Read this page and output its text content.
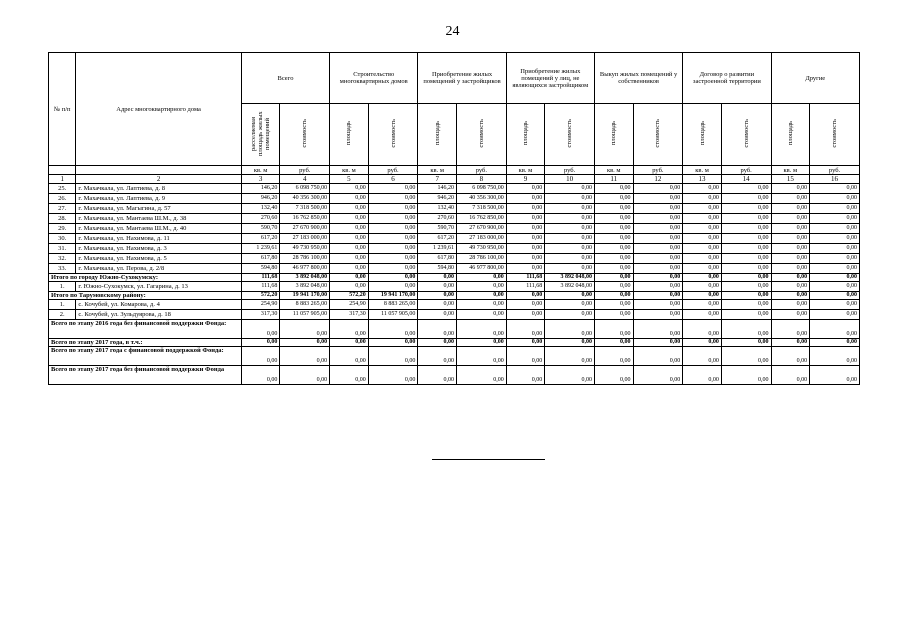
24
№ п/п	Адрес многоквартирного дома	Всего		Строительство многоквартирных домов		Приобретение жилых помещений у застройщиков		Приобретение жилых помещений у лиц, не являющихся застройщиком		Выкуп жилых помещений у собственников		Договор о развитии застроенной территории		Другие	
		расселяемая площадь жилых помещений	стоимость	площадь	стоимость	площадь	стоимость	площадь	стоимость	площадь	стоимость	площадь	стоимость	площадь	стоимость
		кв. м	руб.	кв. м	руб.	кв. м	руб.	кв. м	руб.	кв. м	руб.	кв. м	руб.	кв. м	руб.
1	2	3	4	5	6	7	8	9	10	11	12	13	14	15	16
25.	г. Махачкала, ул. Лаптиева, д. 8	146,20	6 098 750,00	0,00	0,00	146,20	6 098 750,00	0,00	0,00	0,00	0,00	0,00	0,00	0,00	0,00
26.	г. Махачкала, ул. Лаптиева, д. 9	946,20	40 356 300,00	0,00	0,00	946,20	40 356 300,00	0,00	0,00	0,00	0,00	0,00	0,00	0,00	0,00
27.	г. Махачкала, ул. Магыгина, д. 57	132,40	7 318 500,00	0,00	0,00	132,40	7 318 500,00	0,00	0,00	0,00	0,00	0,00	0,00	0,00	0,00
28.	г. Махачкала, ул. Мантаева Ш.М., д. 38	270,60	16 762 850,00	0,00	0,00	270,60	16 762 850,00	0,00	0,00	0,00	0,00	0,00	0,00	0,00	0,00
29.	г. Махачкала, ул. Мантаева Ш.М., д. 40	590,70	27 670 900,00	0,00	0,00	590,70	27 670 900,00	0,00	0,00	0,00	0,00	0,00	0,00	0,00	0,00
30.	г. Махачкала, ул. Нахимова, д. 11	617,20	27 183 000,00	0,00	0,00	617,20	27 183 000,00	0,00	0,00	0,00	0,00	0,00	0,00	0,00	0,00
31.	г. Махачкала, ул. Нахимова, д. 3	1 239,61	49 730 950,00	0,00	0,00	1 239,61	49 730 950,00	0,00	0,00	0,00	0,00	0,00	0,00	0,00	0,00
32.	г. Махачкала, ул. Нахимова, д. 5	617,80	28 786 100,00	0,00	0,00	617,80	28 786 100,00	0,00	0,00	0,00	0,00	0,00	0,00	0,00	0,00
33.	г. Махачкала, ул. Перова, д. 2/8	594,80	46 977 800,00	0,00	0,00	594,80	46 977 800,00	0,00	0,00	0,00	0,00	0,00	0,00	0,00	0,00
Итого по городу Южно-Сухокумску:		111,68	3 892 048,00	0,00	0,00	0,00	0,00	111,68	3 892 048,00	0,00	0,00	0,00	0,00	0,00	0,00
1.	г. Южно-Сухокумск, ул. Гагарина, д. 13	111,68	3 892 048,00	0,00	0,00	0,00	0,00	111,68	3 892 048,00	0,00	0,00	0,00	0,00	0,00	0,00
Итого по Тарумовскому району:		572,20	19 941 170,00	572,20	19 941 170,00	0,00	0,00	0,00	0,00	0,00	0,00	0,00	0,00	0,00	0,00
1.	с. Кочубей, ул. Комарова, д. 4	254,90	8 883 265,00	254,90	8 883 265,00	0,00	0,00	0,00	0,00	0,00	0,00	0,00	0,00	0,00	0,00
2.	с. Кочубей, ул. Зульдуярова, д. 18	317,30	11 057 905,00	317,30	11 057 905,00	0,00	0,00	0,00	0,00	0,00	0,00	0,00	0,00	0,00	0,00
Всего по этапу 2016 года без финансовой поддержки Фонда:		0,00	0,00	0,00	0,00	0,00	0,00	0,00	0,00	0,00	0,00	0,00	0,00	0,00	0,00
Всего по этапу 2017 года, в т.ч.:		0,00	0,00	0,00	0,00	0,00	0,00	0,00	0,00	0,00	0,00	0,00	0,00	0,00	0,00
Всего по этапу 2017 года с финансовой поддержкой Фонда:		0,00	0,00	0,00	0,00	0,00	0,00	0,00	0,00	0,00	0,00	0,00	0,00	0,00	0,00
Всего по этапу 2017 года без финансовой поддержки Фонда		0,00	0,00	0,00	0,00	0,00	0,00	0,00	0,00	0,00	0,00	0,00	0,00	0,00	0,00
